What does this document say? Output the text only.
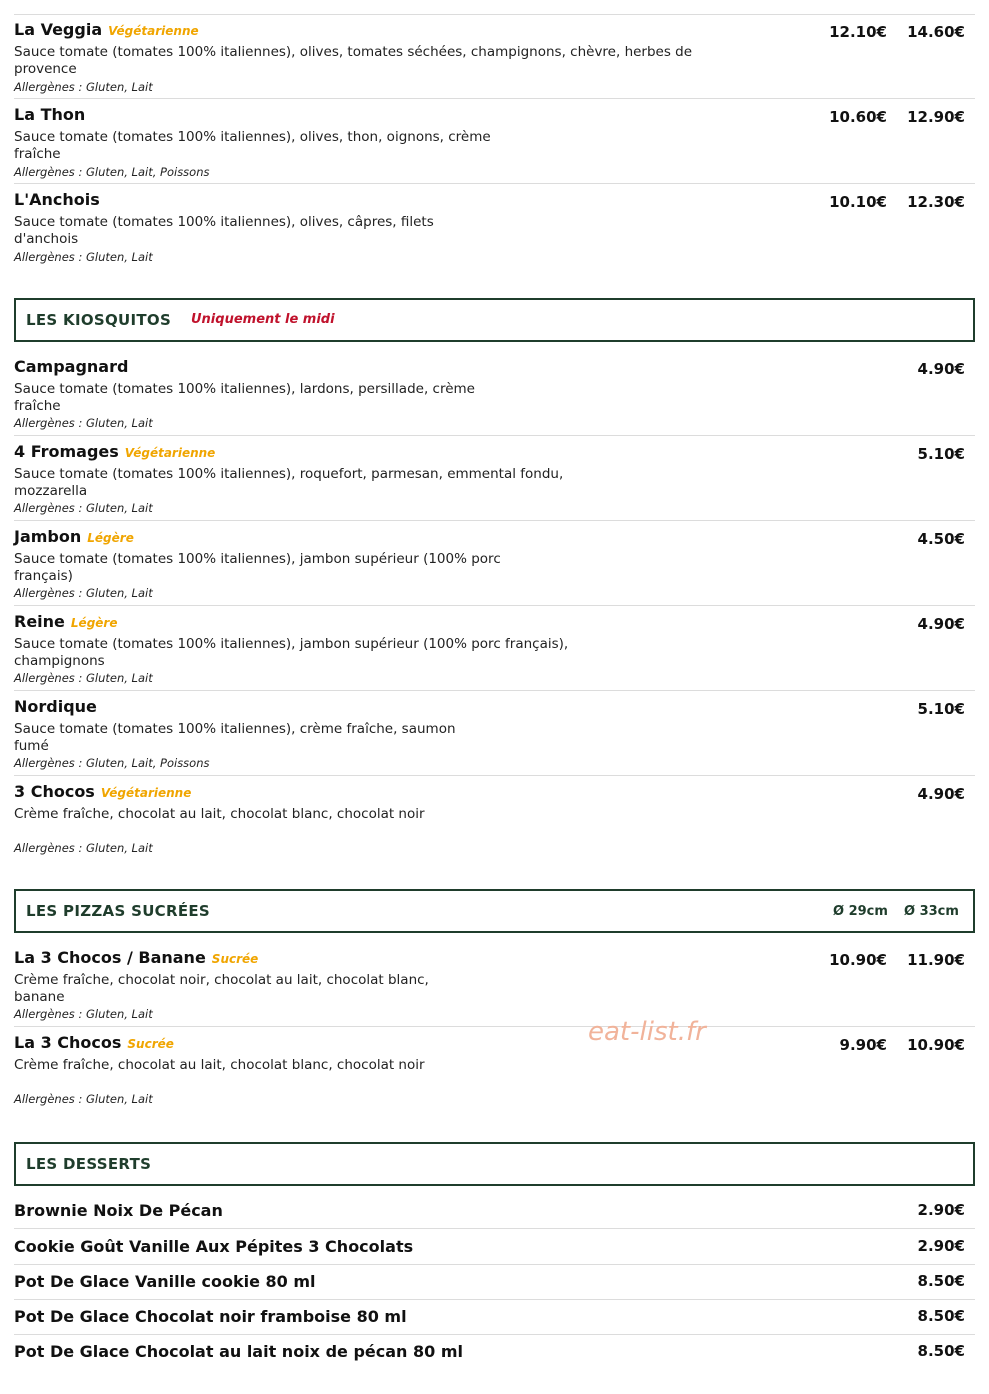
La Veggia Végétarienne
Sauce tomate (tomates 100% italiennes), olives, tomates séchées, champignons, chèvre, herbes de provence
Allergènes : Gluten, Lait
12.10€	14.60€
La Thon
Sauce tomate (tomates 100% italiennes), olives, thon, oignons, crème fraîche
Allergènes : Gluten, Lait, Poissons
10.60€	12.90€
L'Anchois
Sauce tomate (tomates 100% italiennes), olives, câpres, filets d'anchois
Allergènes : Gluten, Lait
10.10€	12.30€
LES KIOSQUITOS Uniquement le midi
Campagnard
Sauce tomate (tomates 100% italiennes), lardons, persillade, crème fraîche
Allergènes : Gluten, Lait
4.90€
4 Fromages Végétarienne
Sauce tomate (tomates 100% italiennes), roquefort, parmesan, emmental fondu, mozzarella
Allergènes : Gluten, Lait
5.10€
Jambon Légère
Sauce tomate (tomates 100% italiennes), jambon supérieur (100% porc français)
Allergènes : Gluten, Lait
4.50€
Reine Légère
Sauce tomate (tomates 100% italiennes), jambon supérieur (100% porc français), champignons
Allergènes : Gluten, Lait
4.90€
Nordique
Sauce tomate (tomates 100% italiennes), crème fraîche, saumon fumé
Allergènes : Gluten, Lait, Poissons
5.10€
3 Chocos Végétarienne
Crème fraîche, chocolat au lait, chocolat blanc, chocolat noir
Allergènes : Gluten, Lait
4.90€
LES PIZZAS SUCRÉES	Ø 29cm Ø 33cm
La 3 Chocos / Banane Sucrée
Crème fraîche, chocolat noir, chocolat au lait, chocolat blanc, banane
Allergènes : Gluten, Lait
10.90€	11.90€
La 3 Chocos Sucrée
Crème fraîche, chocolat au lait, chocolat blanc, chocolat noir
Allergènes : Gluten, Lait
9.90€	10.90€
LES DESSERTS
Brownie Noix De Pécan	2.90€
Cookie Goût Vanille Aux Pépites 3 Chocolats	2.90€
Pot De Glace Vanille cookie 80 ml	8.50€
Pot De Glace Chocolat noir framboise 80 ml	8.50€
Pot De Glace Chocolat au lait noix de pécan 80 ml	8.50€
eat-list.fr
